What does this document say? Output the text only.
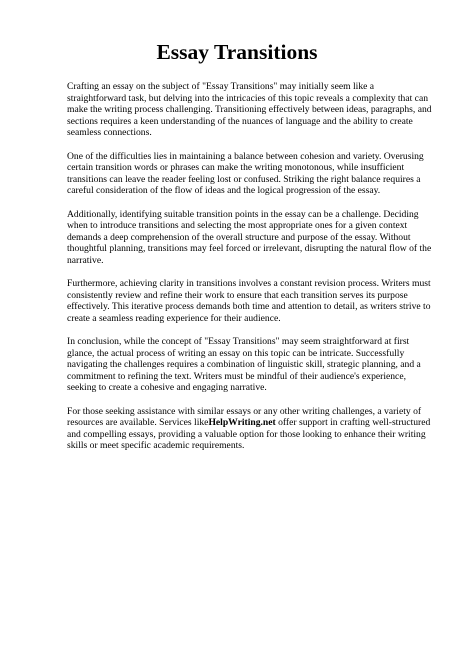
Essay Transitions

Crafting an essay on the subject of "Essay Transitions" may initially seem like a straightforward task, but delving into the intricacies of this topic reveals a complexity that can make the writing process challenging. Transitioning effectively between ideas, paragraphs, and sections requires a keen understanding of the nuances of language and the ability to create seamless connections.

One of the difficulties lies in maintaining a balance between cohesion and variety. Overusing certain transition words or phrases can make the writing monotonous, while insufficient transitions can leave the reader feeling lost or confused. Striking the right balance requires a careful consideration of the flow of ideas and the logical progression of the essay.

Additionally, identifying suitable transition points in the essay can be a challenge. Deciding when to introduce transitions and selecting the most appropriate ones for a given context demands a deep comprehension of the overall structure and purpose of the essay. Without thoughtful planning, transitions may feel forced or irrelevant, disrupting the natural flow of the narrative.

Furthermore, achieving clarity in transitions involves a constant revision process. Writers must consistently review and refine their work to ensure that each transition serves its purpose effectively. This iterative process demands both time and attention to detail, as writers strive to create a seamless reading experience for their audience.

In conclusion, while the concept of "Essay Transitions" may seem straightforward at first glance, the actual process of writing an essay on this topic can be intricate. Successfully navigating the challenges requires a combination of linguistic skill, strategic planning, and a commitment to refining the text. Writers must be mindful of their audience's experience, seeking to create a cohesive and engaging narrative.

For those seeking assistance with similar essays or any other writing challenges, a variety of resources are available. Services likeHelpWriting.net offer support in crafting well-structured and compelling essays, providing a valuable option for those looking to enhance their writing skills or meet specific academic requirements.
